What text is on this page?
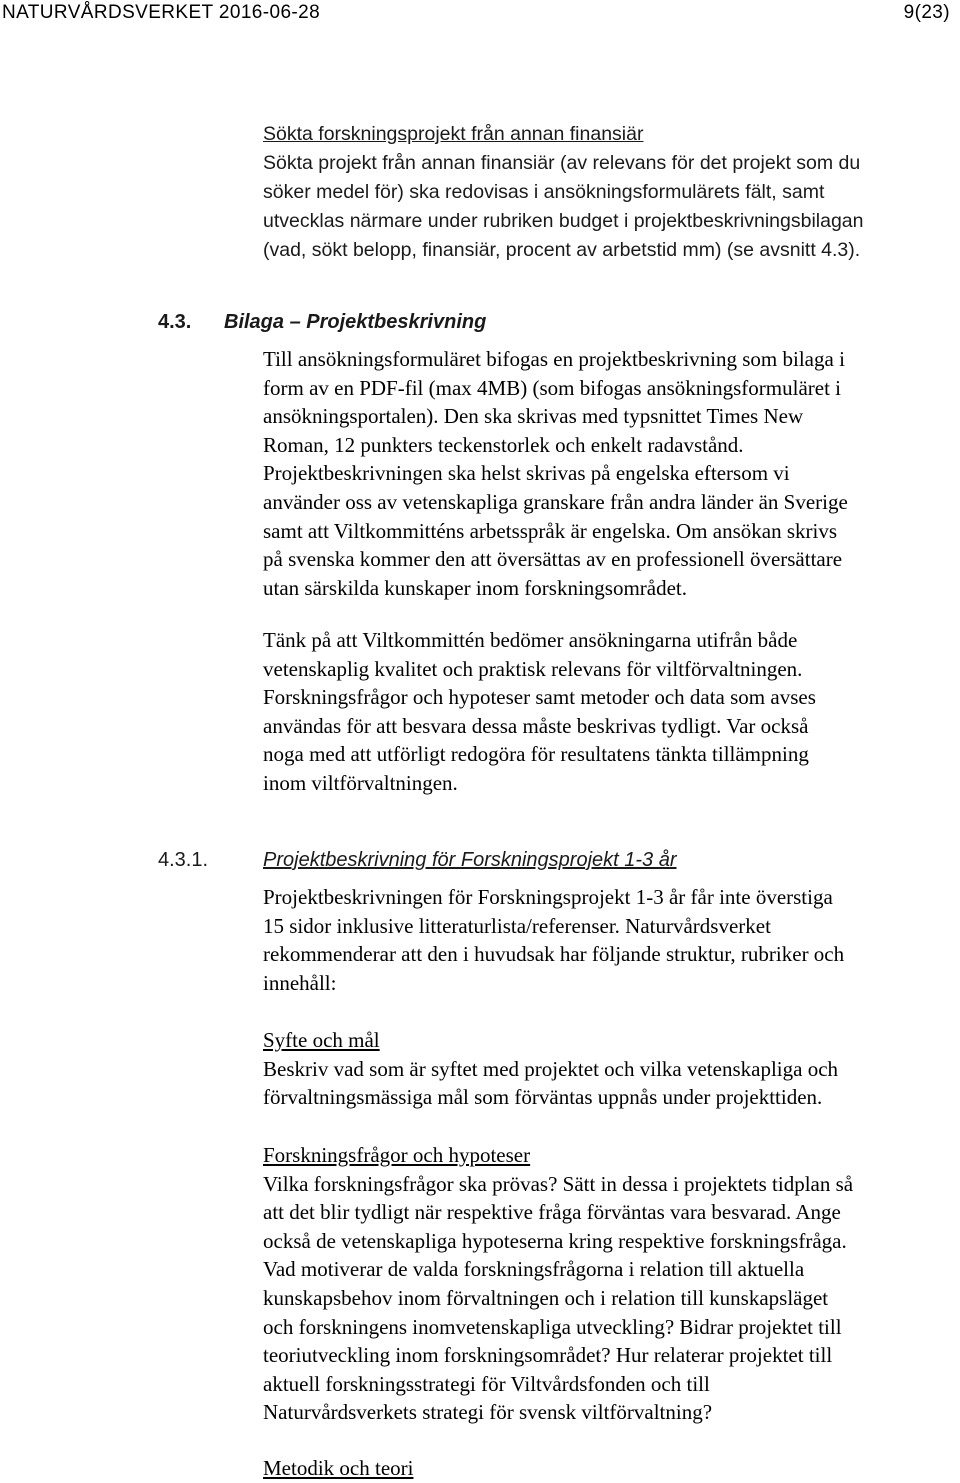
NATURVÅRDSVERKET 2016-06-28	9(23)

Sökta forskningsprojekt från annan finansiär

Sökta projekt från annan finansiär (av relevans för det projekt som du

söker medel för) ska redovisas i ansökningsformulärets fält, samt

utvecklas närmare under rubriken budget i projektbeskrivningsbilagan

(vad, sökt belopp, finansiär, procent av arbetstid mm) (se avsnitt 4.3).

4.3. Bilaga – Projektbeskrivning

Till ansökningsformuläret bifogas en projektbeskrivning som bilaga i

form av en PDF-fil (max 4MB) (som bifogas ansökningsformuläret i

ansökningsportalen). Den ska skrivas med typsnittet Times New

Roman, 12 punkters teckenstorlek och enkelt radavstånd.

Projektbeskrivningen ska helst skrivas på engelska eftersom vi

använder oss av vetenskapliga granskare från andra länder än Sverige

samt att Viltkommitténs arbetsspråk är engelska. Om ansökan skrivs

på svenska kommer den att översättas av en professionell översättare

utan särskilda kunskaper inom forskningsområdet.

Tänk på att Viltkommittén bedömer ansökningarna utifrån både

vetenskaplig kvalitet och praktisk relevans för viltförvaltningen.

Forskningsfrågor och hypoteser samt metoder och data som avses

användas för att besvara dessa måste beskrivas tydligt. Var också

noga med att utförligt redogöra för resultatens tänkta tillämpning

inom viltförvaltningen.

4.3.1.	Projektbeskrivning för Forskningsprojekt 1-3 år

Projektbeskrivningen för Forskningsprojekt 1-3 år får inte överstiga

15 sidor inklusive litteraturlista/referenser. Naturvårdsverket

rekommenderar att den i huvudsak har följande struktur, rubriker och

innehåll:

Syfte och mål

Beskriv vad som är syftet med projektet och vilka vetenskapliga och

förvaltningsmässiga mål som förväntas uppnås under projekttiden.

Forskningsfrågor och hypoteser

Vilka forskningsfrågor ska prövas? Sätt in dessa i projektets tidplan så

att det blir tydligt när respektive fråga förväntas vara besvarad. Ange

också de vetenskapliga hypoteserna kring respektive forskningsfråga.

Vad motiverar de valda forskningsfrågorna i relation till aktuella

kunskapsbehov inom förvaltningen och i relation till kunskapsläget

och forskningens inomvetenskapliga utveckling? Bidrar projektet till

teoriutveckling inom forskningsområdet? Hur relaterar projektet till

aktuell forskningsstrategi för Viltvårdsfonden och till

Naturvårdsverkets strategi för svensk viltförvaltning?

Metodik och teori
